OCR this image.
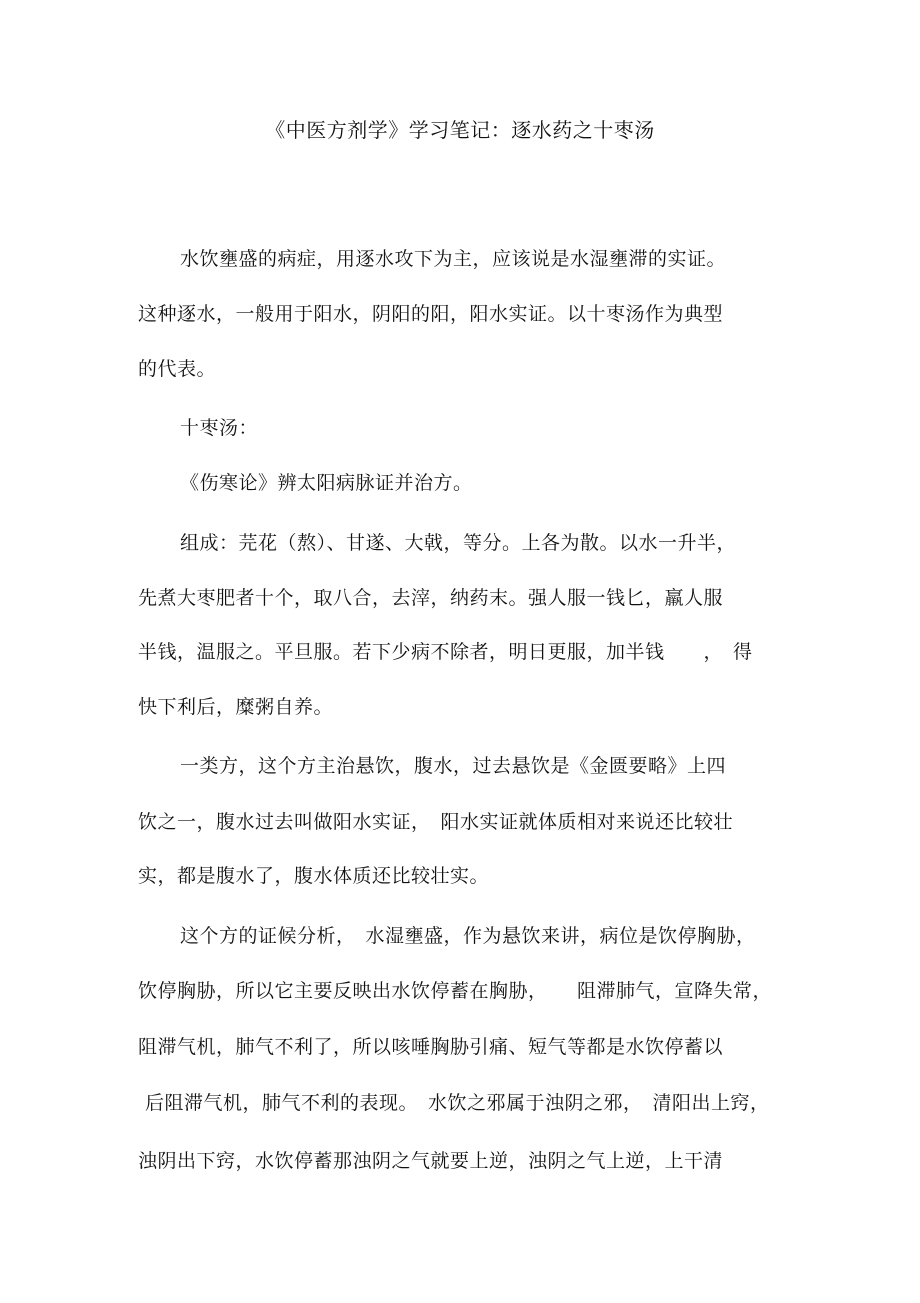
《中医方剂学》学习笔记：逐水药之十枣汤
水饮壅盛的病症，用逐水攻下为主，应该说是水湿壅滞的实证。
这种逐水，一般用于阳水，阴阳的阳，阳水实证。以十枣汤作为典型
的代表。
十枣汤：
《伤寒论》辨太阳病脉证并治方。
组成：芫花（熬）、甘遂、大戟，等分。上各为散。以水一升半，
先煮大枣肥者十个，取八合，去滓，纳药末。强人服一钱匕，羸人服
半钱，温服之。平旦服。若下少病不除者，明日更服，加半钱　　，　得
快下利后，糜粥自养。
一类方，这个方主治悬饮，腹水，过去悬饮是《金匮要略》上四
饮之一，腹水过去叫做阳水实证，　阳水实证就体质相对来说还比较壮
实，都是腹水了，腹水体质还比较壮实。
这个方的证候分析，　水湿壅盛，作为悬饮来讲，病位是饮停胸胁，
饮停胸胁，所以它主要反映出水饮停蓄在胸胁，　　阻滞肺气，宣降失常，
阻滞气机，肺气不利了，所以咳唾胸胁引痛、短气等都是水饮停蓄以
后阻滞气机，肺气不利的表现。　水饮之邪属于浊阴之邪，　清阳出上窍，
浊阴出下窍，水饮停蓄那浊阴之气就要上逆，浊阴之气上逆，上干清
